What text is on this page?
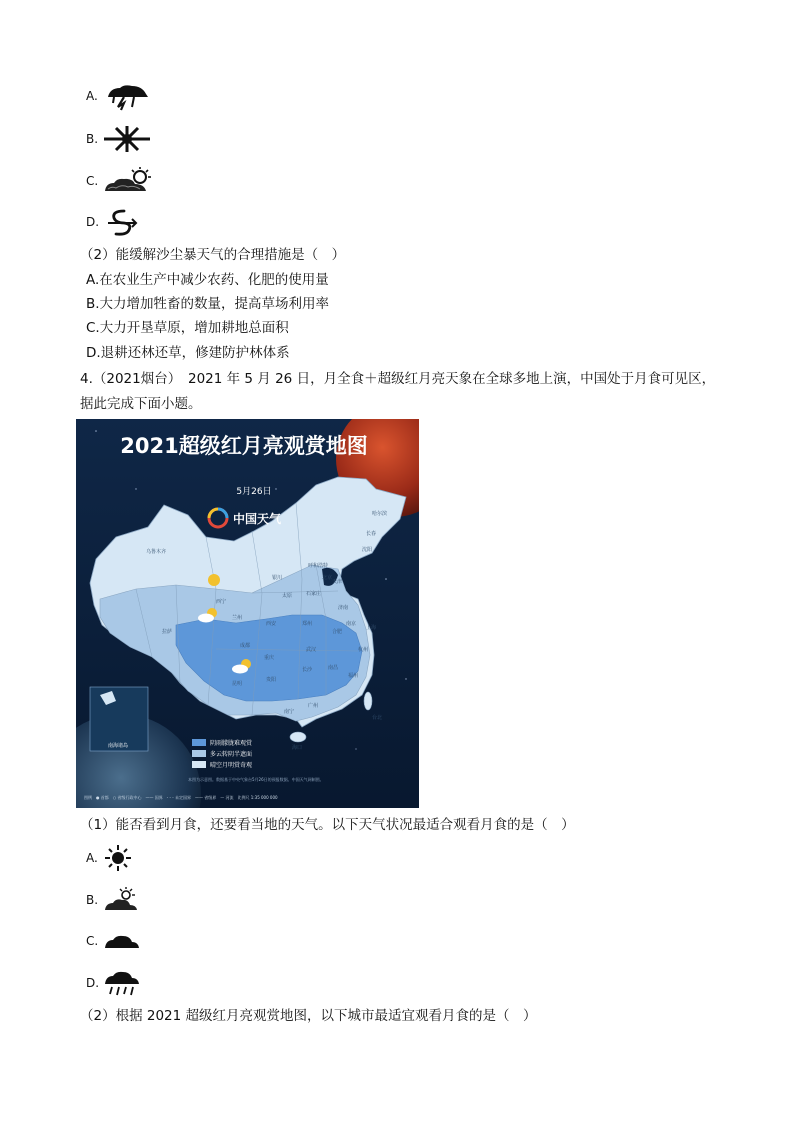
A.
B.
C.
D.
（2）能缓解沙尘暴天气的合理措施是（　）
A.在农业生产中减少农药、化肥的使用量
B.大力增加牲畜的数量，提高草场利用率
C.大力开垦草原，增加耕地总面积
D.退耕还林还草，修建防护林体系
4.（2021烟台）　2021 年 5 月 26 日，月全食＋超级红月亮天象在全球多地上演，中国处于月食可见区，
据此完成下面小题。
2021超级红月亮观赏地图
5月26日
中国天气
乌鲁木齐
哈尔滨
长春
沈阳
呼和浩特
北京
天津
石家庄
太原
济南
银川
西宁
兰州
郑州
西安
拉萨
成都
武汉
合肥
南京
上海
杭州
重庆
长沙	南昌
福州
贵阳
昆明
南宁
广州
台北
海口
南海诸岛	阴雨朦胧难观赏
多云转阴半遮面
晴空月明赏奇观
本图为示意图。数据基于中央气象台5月26日的预报数据。中国天气网制图。
图例　● 首都　○ 省级行政中心　—— 国界　- - - 未定国界　—— 省级界　～ 河流　比例尺 1:35 000 000
（1）能否看到月食，还要看当地的天气。以下天气状况最适合观看月食的是（　）
A.
B.
C.
D.
（2）根据 2021 超级红月亮观赏地图，以下城市最适宜观看月食的是（　）
